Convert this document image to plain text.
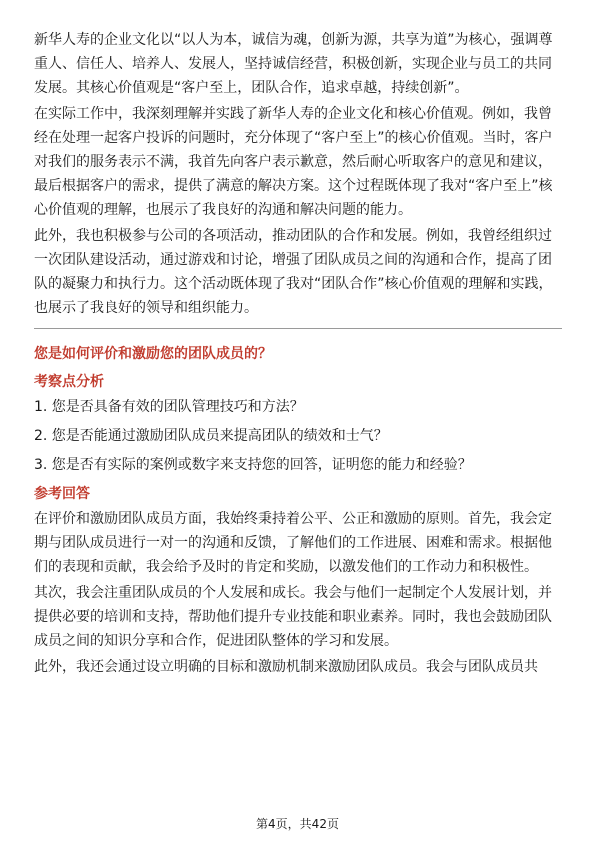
新华人寿的企业文化以“以人为本，诚信为魂，创新为源，共享为道”为核心，强调尊重人、信任人、培养人、发展人，坚持诚信经营，积极创新，实现企业与员工的共同发展。其核心价值观是“客户至上，团队合作，追求卓越，持续创新”。

在实际工作中，我深刻理解并实践了新华人寿的企业文化和核心价值观。例如，我曾经在处理一起客户投诉的问题时，充分体现了“客户至上”的核心价值观。当时，客户对我们的服务表示不满，我首先向客户表示歉意，然后耐心听取客户的意见和建议，最后根据客户的需求，提供了满意的解决方案。这个过程既体现了我对“客户至上”核心价值观的理解，也展示了我良好的沟通和解决问题的能力。

此外，我也积极参与公司的各项活动，推动团队的合作和发展。例如，我曾经组织过一次团队建设活动，通过游戏和讨论，增强了团队成员之间的沟通和合作，提高了团队的凝聚力和执行力。这个活动既体现了我对“团队合作”核心价值观的理解和实践，也展示了我良好的领导和组织能力。

您是如何评价和激励您的团队成员的？
考察点分析
1. 您是否具备有效的团队管理技巧和方法？
2. 您是否能通过激励团队成员来提高团队的绩效和士气？
3. 您是否有实际的案例或数字来支持您的回答，证明您的能力和经验？
参考回答

在评价和激励团队成员方面，我始终秉持着公平、公正和激励的原则。首先，我会定期与团队成员进行一对一的沟通和反馈，了解他们的工作进展、困难和需求。根据他们的表现和贡献，我会给予及时的肯定和奖励，以激发他们的工作动力和积极性。

其次，我会注重团队成员的个人发展和成长。我会与他们一起制定个人发展计划，并提供必要的培训和支持，帮助他们提升专业技能和职业素养。同时，我也会鼓励团队成员之间的知识分享和合作，促进团队整体的学习和发展。

此外，我还会通过设立明确的目标和激励机制来激励团队成员。我会与团队成员共

第4页，共42页
